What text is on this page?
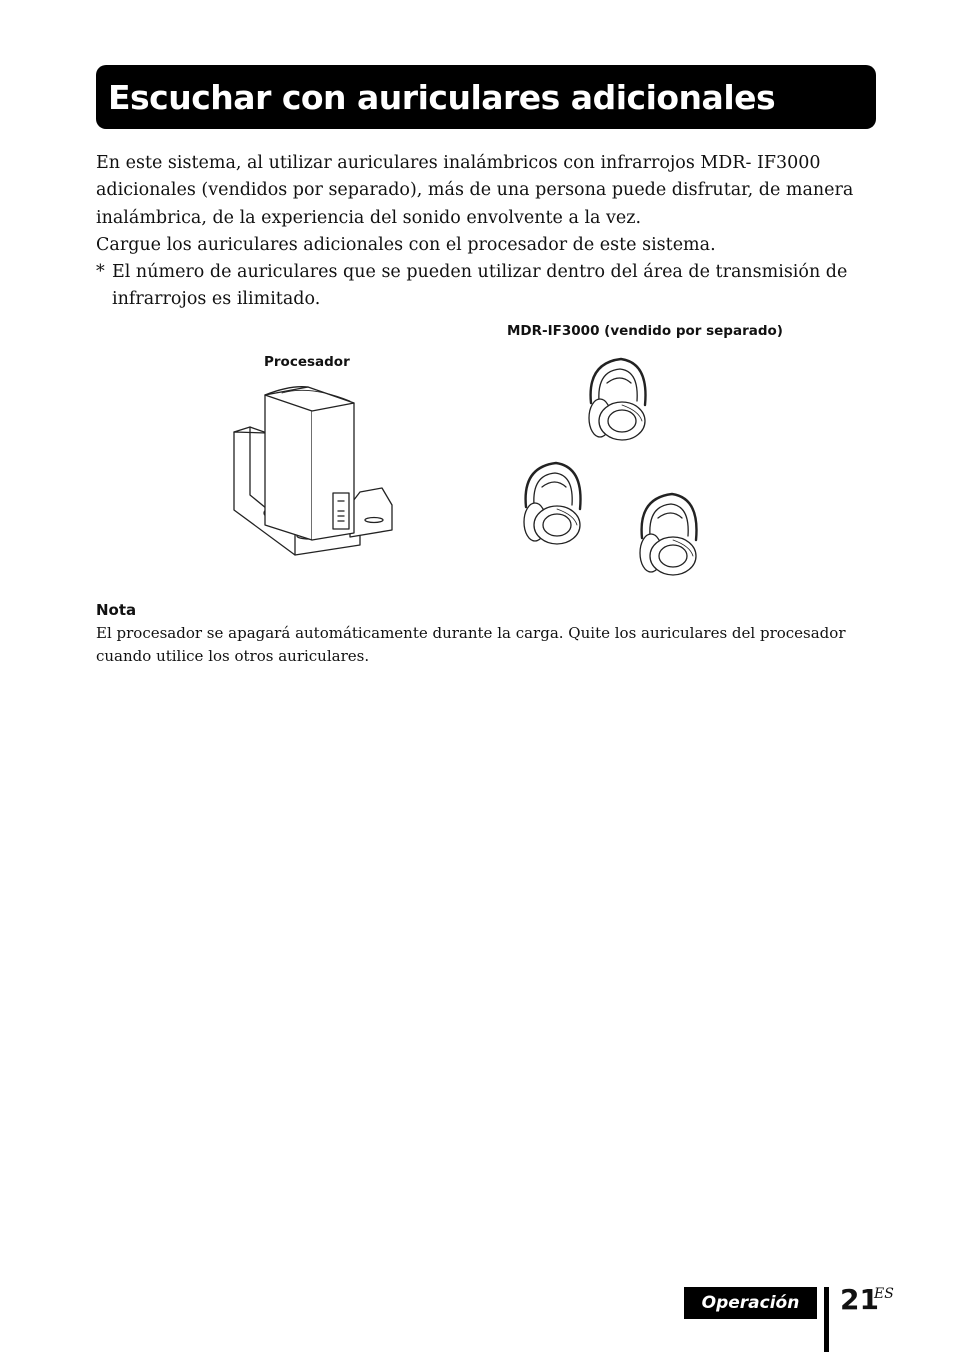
Escuchar con auriculares adicionales

En este sistema, al utilizar auriculares inalámbricos con infrarrojos MDR- IF3000 adicionales (vendidos por separado), más de una persona puede disfrutar, de manera inalámbrica, de la experiencia del sonido envolvente a la vez.

Cargue los auriculares adicionales con el procesador de este sistema.

* El número de auriculares que se pueden utilizar dentro del área de transmisión de infrarrojos es ilimitado.
MDR-IF3000 (vendido por separado)
Procesador
Nota
El procesador se apagará automáticamente durante la carga. Quite los auriculares del procesador cuando utilice los otros auriculares.
Operación	21
ES
